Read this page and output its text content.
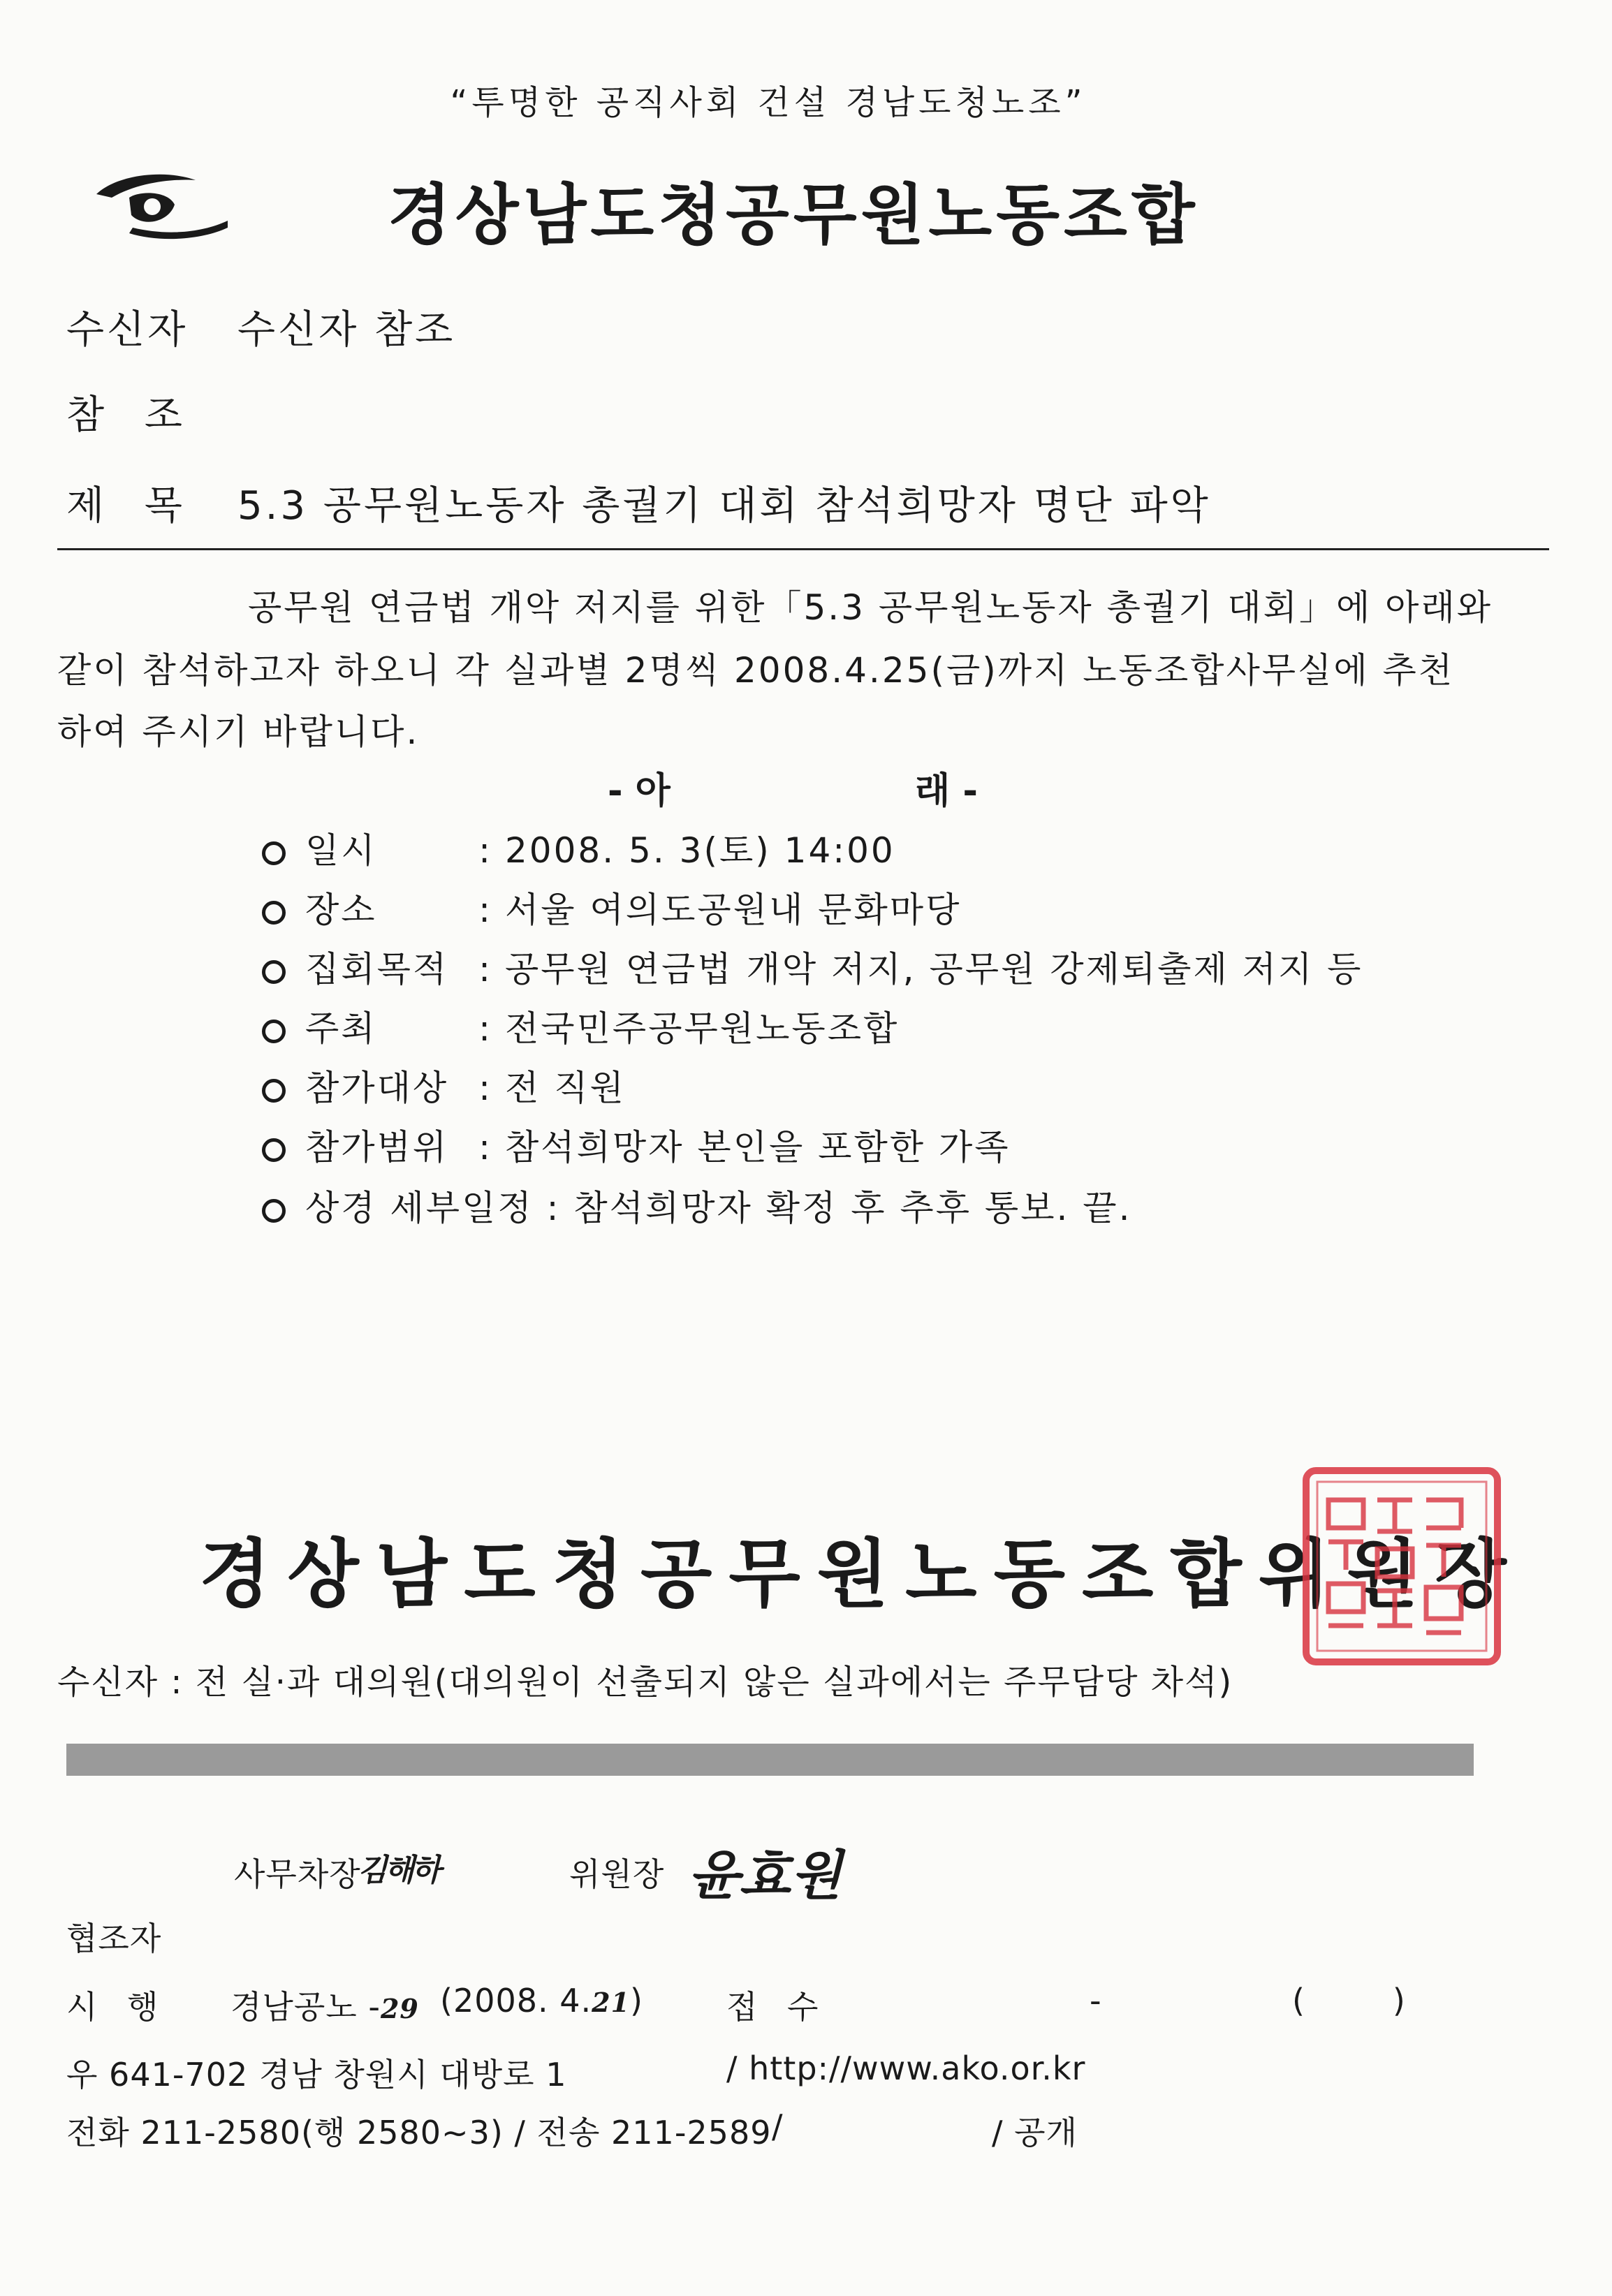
“투명한 공직사회 건설 경남도청노조”
경상남도청공무원노동조합
수신자 수신자 참조
참 조
제 목 5.3 공무원노동자 총궐기 대회 참석희망자 명단 파악
공무원 연금법 개악 저지를 위한「5.3 공무원노동자 총궐기 대회」에 아래와
같이 참석하고자 하오니 각 실과별 2명씩 2008.4.25(금)까지 노동조합사무실에 추천
하여 주시기 바랍니다.
- 아	래 -
일시	: 2008. 5. 3(토) 14:00
장소	: 서울 여의도공원내 문화마당
집회목적 : 공무원 연금법 개악 저지, 공무원 강제퇴출제 저지 등
주최	: 전국민주공무원노동조합
참가대상 : 전 직원
참가범위 : 참석희망자 본인을 포함한 가족
상경 세부일정 : 참석희망자 확정 후 추후 통보. 끝.
경상남도청공무원노동조합위원장
수신자 : 전 실·과 대의원(대의원이 선출되지 않은 실과에서는 주무담당 차석)
사무차장
김해하	위원장 윤효원
협조자
시 행 경남공노 -29 (2008. 4.21)	접 수	-	(        )
우 641-702 경남 창원시 대방로 1	/ http://www.ako.or.kr
전화 211-2580(행 2580~3) / 전송 211-2589 /	/ 공개
